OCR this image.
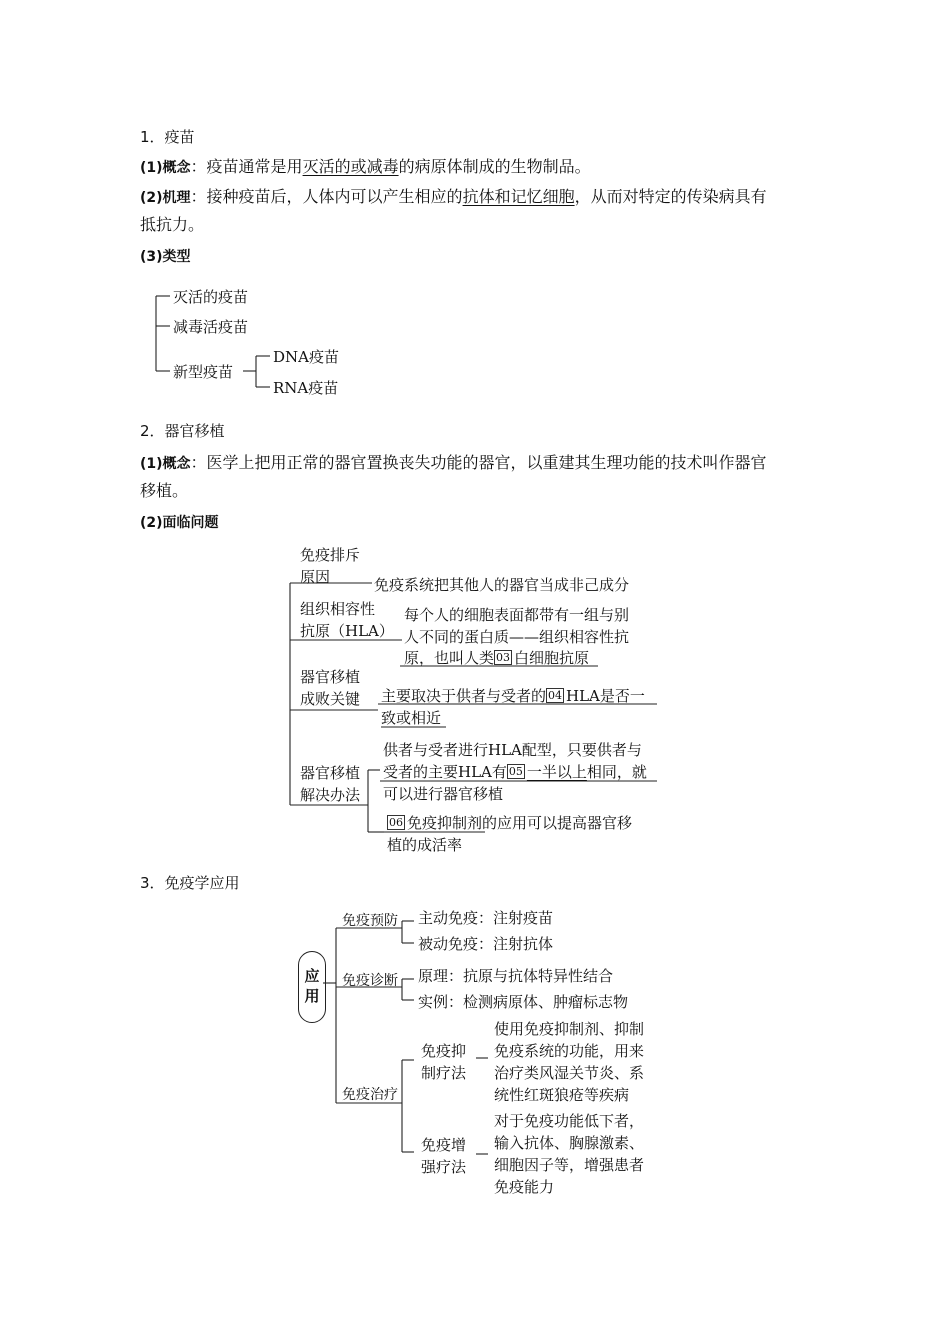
1．疫苗
(1)概念：疫苗通常是用灭活的或减毒的病原体制成的生物制品。
(2)机理：接种疫苗后，人体内可以产生相应的抗体和记忆细胞，从而对特定的传染病具有
抵抗力。
(3)类型
灭活的疫苗
减毒活疫苗
新型疫苗
DNA疫苗
RNA疫苗
2．器官移植
(1)概念：医学上把用正常的器官置换丧失功能的器官，以重建其生理功能的技术叫作器官
移植。
(2)面临问题
免疫排斥
原因	免疫系统把其他人的器官当成非己成分
组织相容性
抗原（HLA）
每个人的细胞表面都带有一组与别
人不同的蛋白质——组织相容性抗
原，也叫人类 03 白细胞抗原
器官移植
成败关键 主要取决于供者与受者的 04 HLA是否一
致或相近
器官移植
解决办法
供者与受者进行HLA配型，只要供者与
受者的主要HLA有 05 一半以上相同，就
可以进行器官移植
06 免疫抑制剂的应用可以提高器官移
植的成活率
3．免疫学应用
应
用
免疫预防 主动免疫：注射疫苗
被动免疫：注射抗体
免疫诊断 原理：抗原与抗体特异性结合
实例：检测病原体、肿瘤标志物
免疫治疗
免疫抑
制疗法
使用免疫抑制剂、抑制
免疫系统的功能，用来
治疗类风湿关节炎、系
统性红斑狼疮等疾病
免疫增
强疗法
对于免疫功能低下者，
输入抗体、胸腺激素、
细胞因子等，增强患者
免疫能力
